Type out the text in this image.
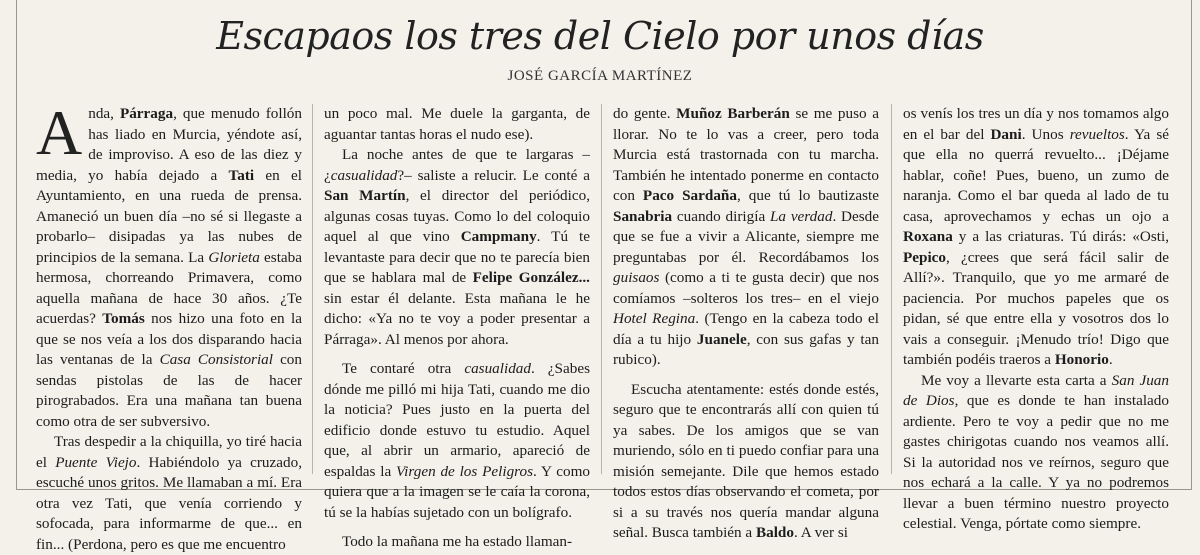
Escapaos los tres del Cielo por unos días
JOSÉ GARCÍA MARTÍNEZ

Anda, Párraga, que menudo follón has liado en Murcia, yéndote así, de improviso. A eso de las diez y media, yo había dejado a Tati en el Ayuntamiento, en una rueda de prensa. Amaneció un buen día –no sé si llegaste a probarlo– disipadas ya las nubes de principios de la semana. La Glorieta estaba hermosa, chorreando Primavera, como aquella mañana de hace 30 años. ¿Te acuerdas? Tomás nos hizo una foto en la que se nos veía a los dos disparando hacia las ventanas de la Casa Consistorial con sendas pistolas de las de hacer pirograbados. Era una mañana tan buena como otra de ser subversivo.

Tras despedir a la chiquilla, yo tiré hacia el Puente Viejo. Habiéndolo ya cruzado, escuché unos gritos. Me llamaban a mí. Era otra vez Tati, que venía corriendo y sofocada, para informarme de que... en fin... (Perdona, pero es que me encuentro

un poco mal. Me duele la garganta, de aguantar tantas horas el nudo ese).

La noche antes de que te largaras –¿casualidad?– saliste a relucir. Le conté a San Martín, el director del periódico, algunas cosas tuyas. Como lo del coloquio aquel al que vino Campmany. Tú te levantaste para decir que no te parecía bien que se hablara mal de Felipe González... sin estar él delante. Esta mañana le he dicho: «Ya no te voy a poder presentar a Párraga». Al menos por ahora.

Te contaré otra casualidad. ¿Sabes dónde me pilló mi hija Tati, cuando me dio la noticia? Pues justo en la puerta del edificio donde estuvo tu estudio. Aquel que, al abrir un armario, apareció de espaldas la Virgen de los Peligros. Y como quiera que a la imagen se le caía la corona, tú se la habías sujetado con un bolígrafo.

Todo la mañana me ha estado llaman-

do gente. Muñoz Barberán se me puso a llorar. No te lo vas a creer, pero toda Murcia está trastornada con tu marcha. También he intentado ponerme en contacto con Paco Sardaña, que tú lo bautizaste Sanabria cuando dirigía La verdad. Desde que se fue a vivir a Alicante, siempre me preguntabas por él. Recordábamos los guisaos (como a ti te gusta decir) que nos comíamos –solteros los tres– en el viejo Hotel Regina. (Tengo en la cabeza todo el día a tu hijo Juanele, con sus gafas y tan rubico).

Escucha atentamente: estés donde estés, seguro que te encontrarás allí con quien tú ya sabes. De los amigos que se van muriendo, sólo en ti puedo confiar para una misión semejante. Dile que hemos estado todos estos días observando el cometa, por si a su través nos quería mandar alguna señal. Busca también a Baldo. A ver si

os venís los tres un día y nos tomamos algo en el bar del Dani. Unos revueltos. Ya sé que ella no querrá revuelto... ¡Déjame hablar, coñe! Pues, bueno, un zumo de naranja. Como el bar queda al lado de tu casa, aprovechamos y echas un ojo a Roxana y a las criaturas. Tú dirás: «Osti, Pepico, ¿crees que será fácil salir de Allí?». Tranquilo, que yo me armaré de paciencia. Por muchos papeles que os pidan, sé que entre ella y vosotros dos lo vais a conseguir. ¡Menudo trío! Digo que también podéis traeros a Honorio.

Me voy a llevarte esta carta a San Juan de Dios, que es donde te han instalado ardiente. Pero te voy a pedir que no me gastes chirigotas cuando nos veamos allí. Si la autoridad nos ve reírnos, seguro que nos echará a la calle. Y ya no podremos llevar a buen término nuestro proyecto celestial. Venga, pórtate como siempre.
